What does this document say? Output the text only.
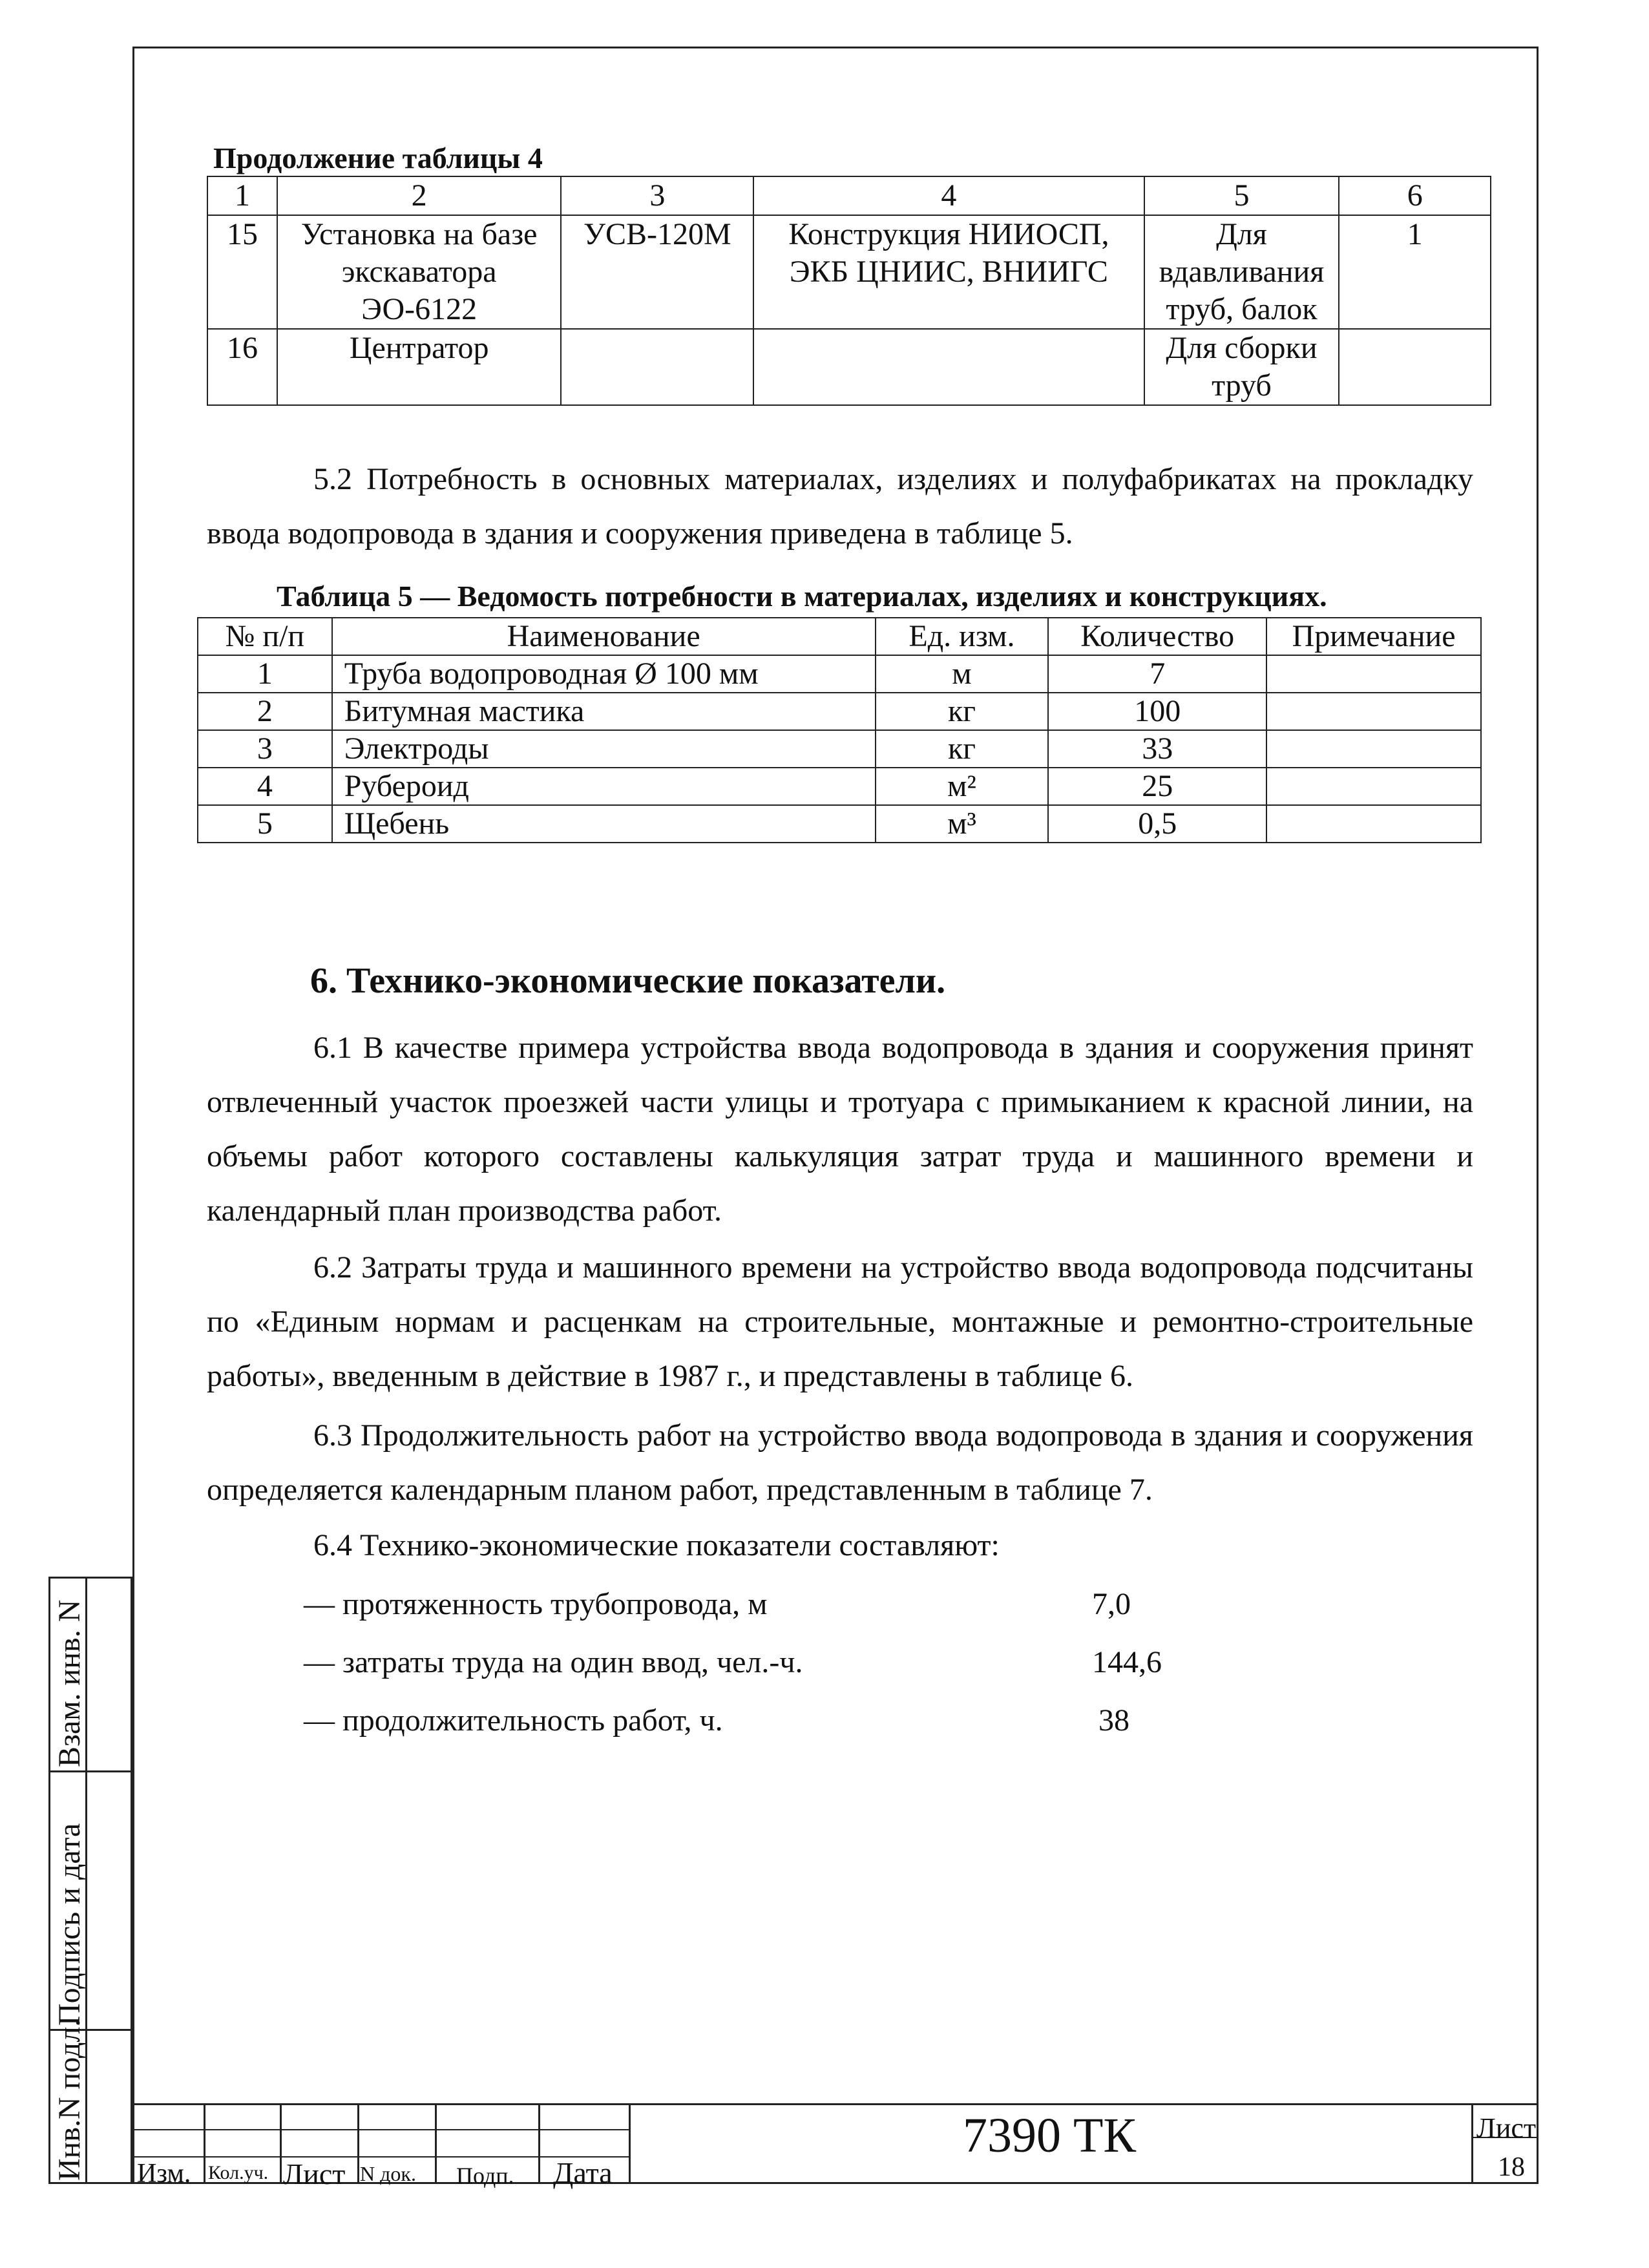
Продолжение таблицы 4
1	2	3	4	5	6
15	Установка на базе экскаватора ЭО-6122	УСВ-120М	Конструкция НИИОСП, ЭКБ ЦНИИС, ВНИИГС	Для вдавливания труб, балок	1
16	Центратор			Для сборки труб	

5.2 Потребность в основных материалах, изделиях и полуфабрикатах на прокладку ввода водопровода в здания и сооружения приведена в таблице 5.

Таблица 5 — Ведомость потребности в материалах, изделиях и конструкциях.
№ п/п	Наименование	Ед. изм.	Количество	Примечание
1	Труба водопроводная Ø 100 мм	м	7	
2	Битумная мастика	кг	100	
3	Электроды	кг	33	
4	Рубероид	м²	25	
5	Щебень	м³	0,5	
6. Технико-экономические показатели.

6.1 В качестве примера устройства ввода водопровода в здания и сооружения принят отвлеченный участок проезжей части улицы и тротуара с примыканием к красной линии, на объемы работ которого составлены калькуляция затрат труда и машинного времени и календарный план производства работ.

6.2 Затраты труда и машинного времени на устройство ввода водопровода подсчитаны по «Единым нормам и расценкам на строительные, монтажные и ремонтно-строительные работы», введенным в действие в 1987 г., и представлены в таблице 6.

6.3 Продолжительность работ на устройство ввода водопровода в здания и сооружения определяется календарным планом работ, представленным в таблице 7.

6.4 Технико-экономические показатели составляют:

— протяженность трубопровода, м	7,0
— затраты труда на один ввод, чел.-ч.	144,6
— продолжительность работ, ч.	38
Взам. инв. N
Подпись и дата
Инв.N подл. Изм. Кол.уч. Лист N док. Подп. Дата
7390 ТК	Лист
18
